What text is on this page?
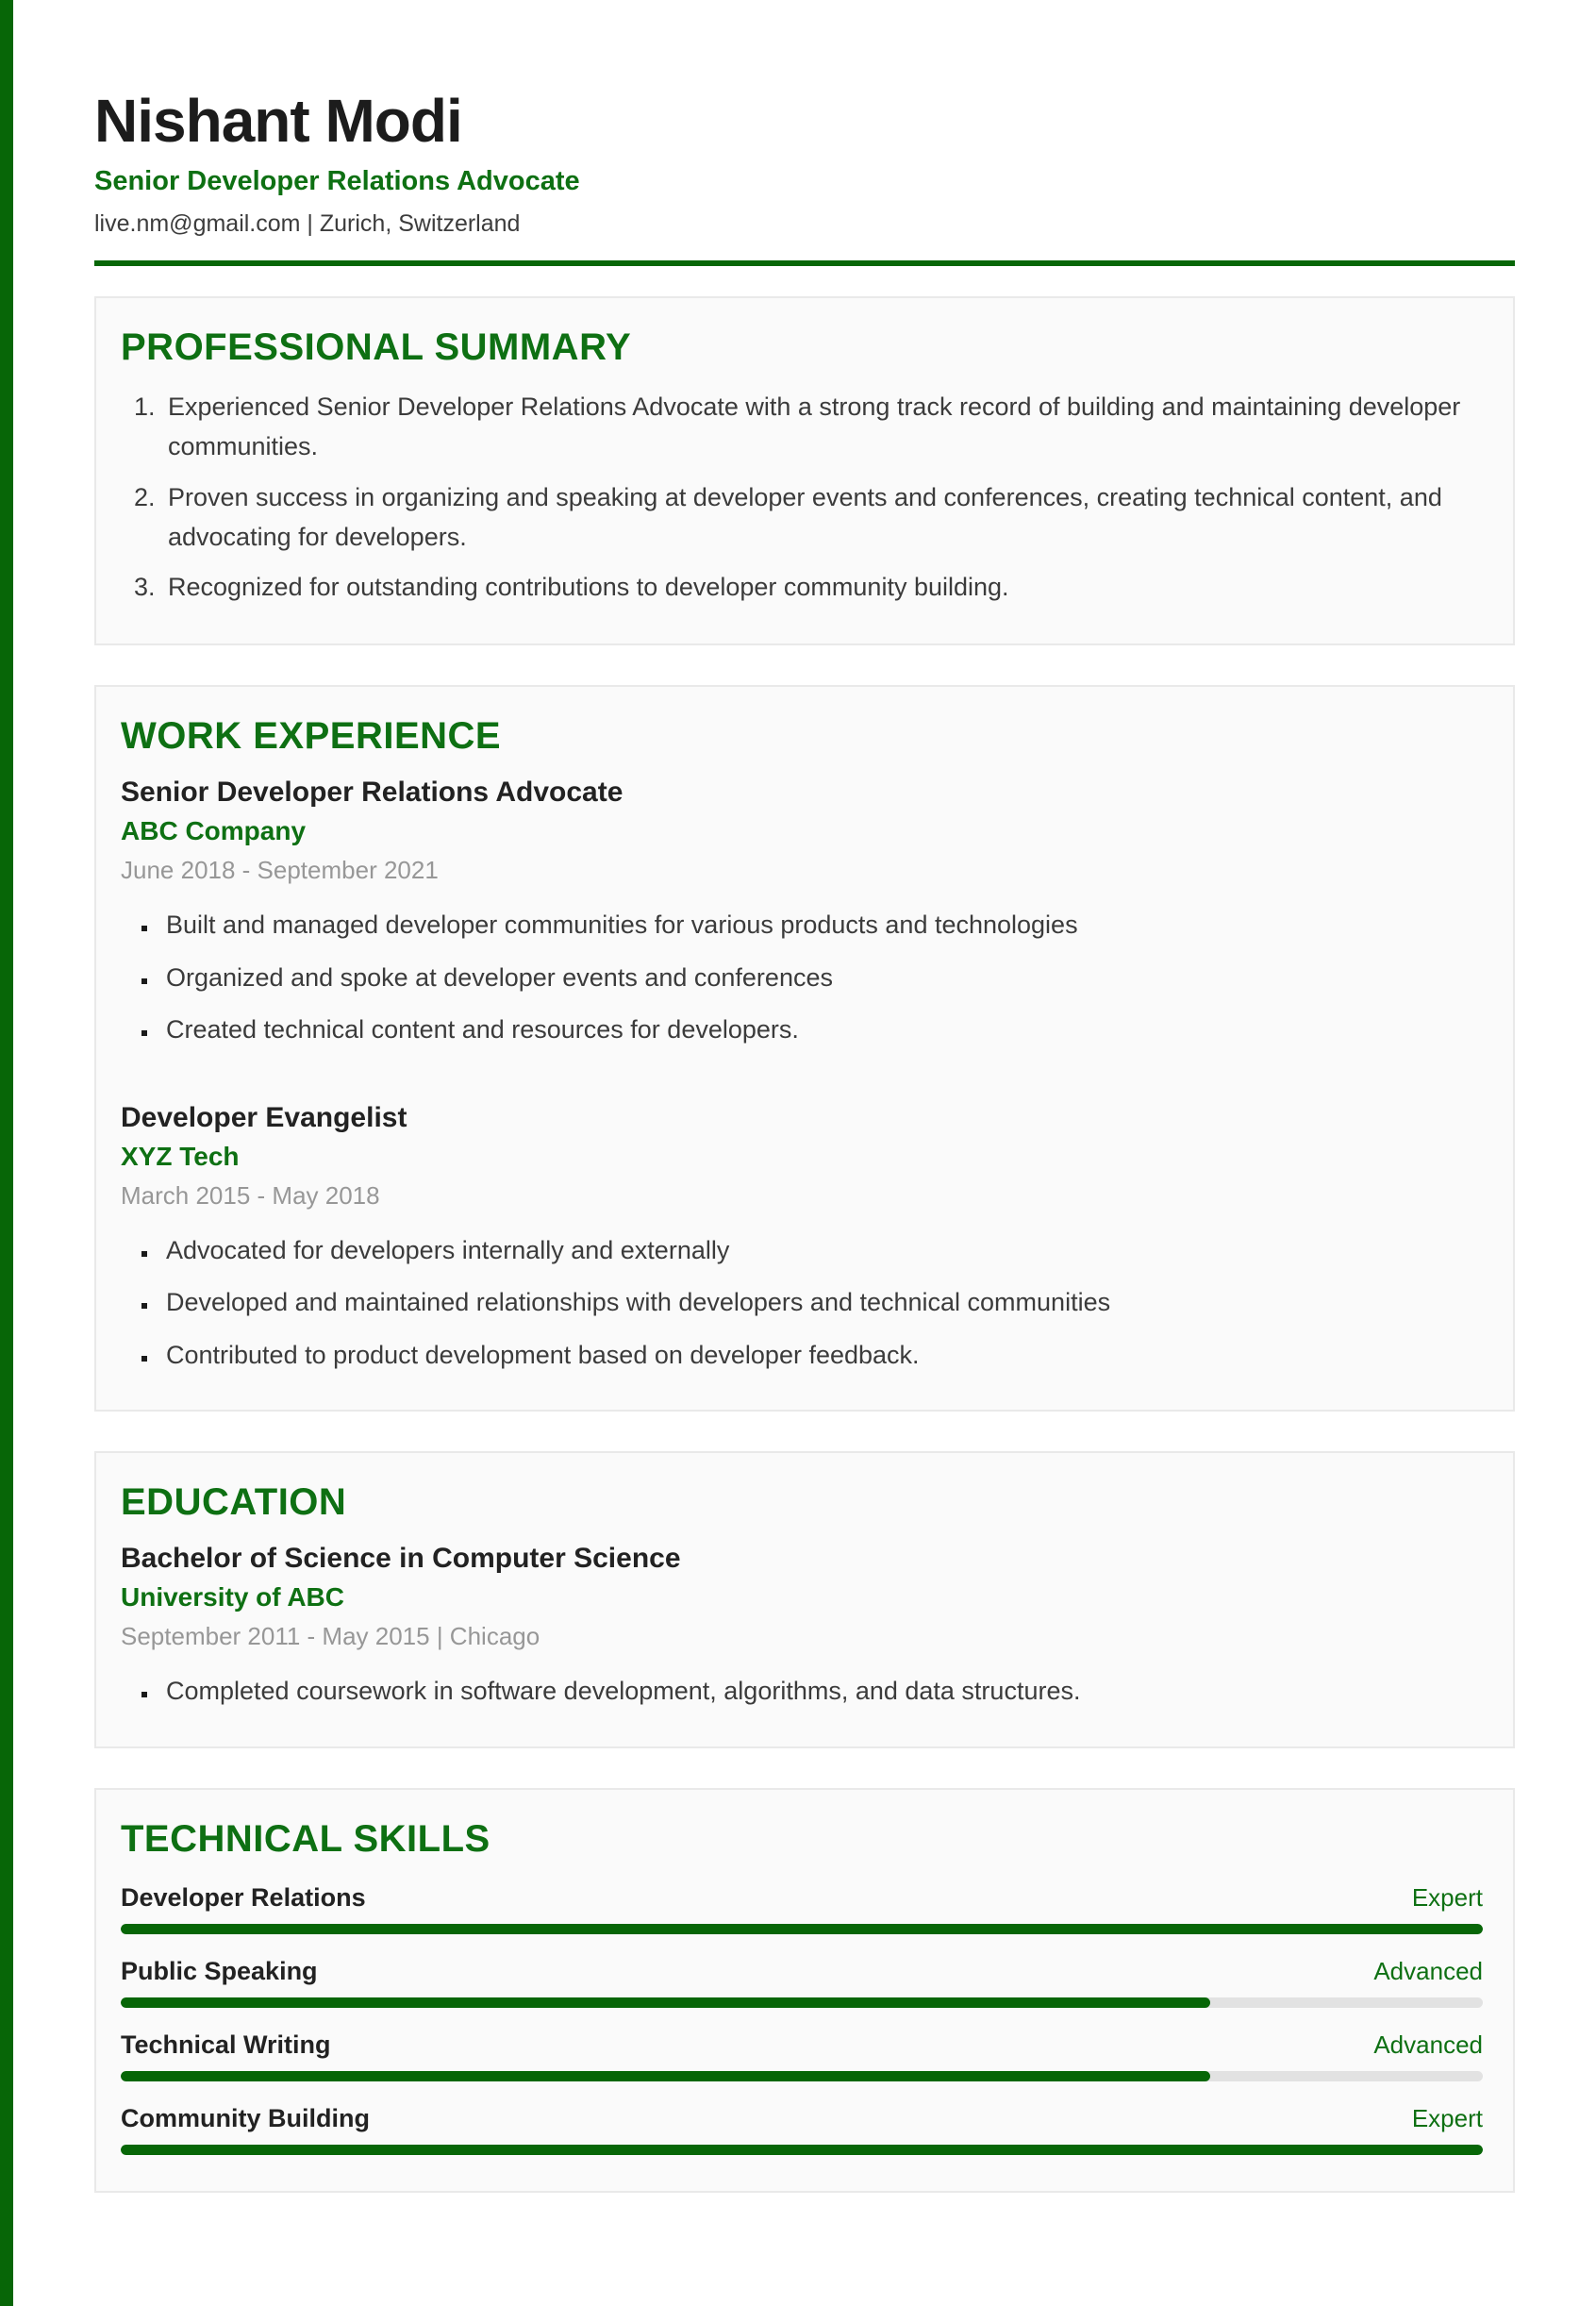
Nishant Modi
Senior Developer Relations Advocate
live.nm@gmail.com | Zurich, Switzerland
PROFESSIONAL SUMMARY
1. Experienced Senior Developer Relations Advocate with a strong track record of building and maintaining developer communities.
2. Proven success in organizing and speaking at developer events and conferences, creating technical content, and advocating for developers.
3. Recognized for outstanding contributions to developer community building.
WORK EXPERIENCE
Senior Developer Relations Advocate
ABC Company
June 2018 - September 2021
▪ Built and managed developer communities for various products and technologies
▪ Organized and spoke at developer events and conferences
▪ Created technical content and resources for developers.
Developer Evangelist
XYZ Tech
March 2015 - May 2018
▪ Advocated for developers internally and externally
▪ Developed and maintained relationships with developers and technical communities
▪ Contributed to product development based on developer feedback.
EDUCATION
Bachelor of Science in Computer Science
University of ABC
September 2011 - May 2015 | Chicago
▪ Completed coursework in software development, algorithms, and data structures.
TECHNICAL SKILLS
Developer Relations	Expert
Public Speaking	Advanced
Technical Writing	Advanced
Community Building	Expert
